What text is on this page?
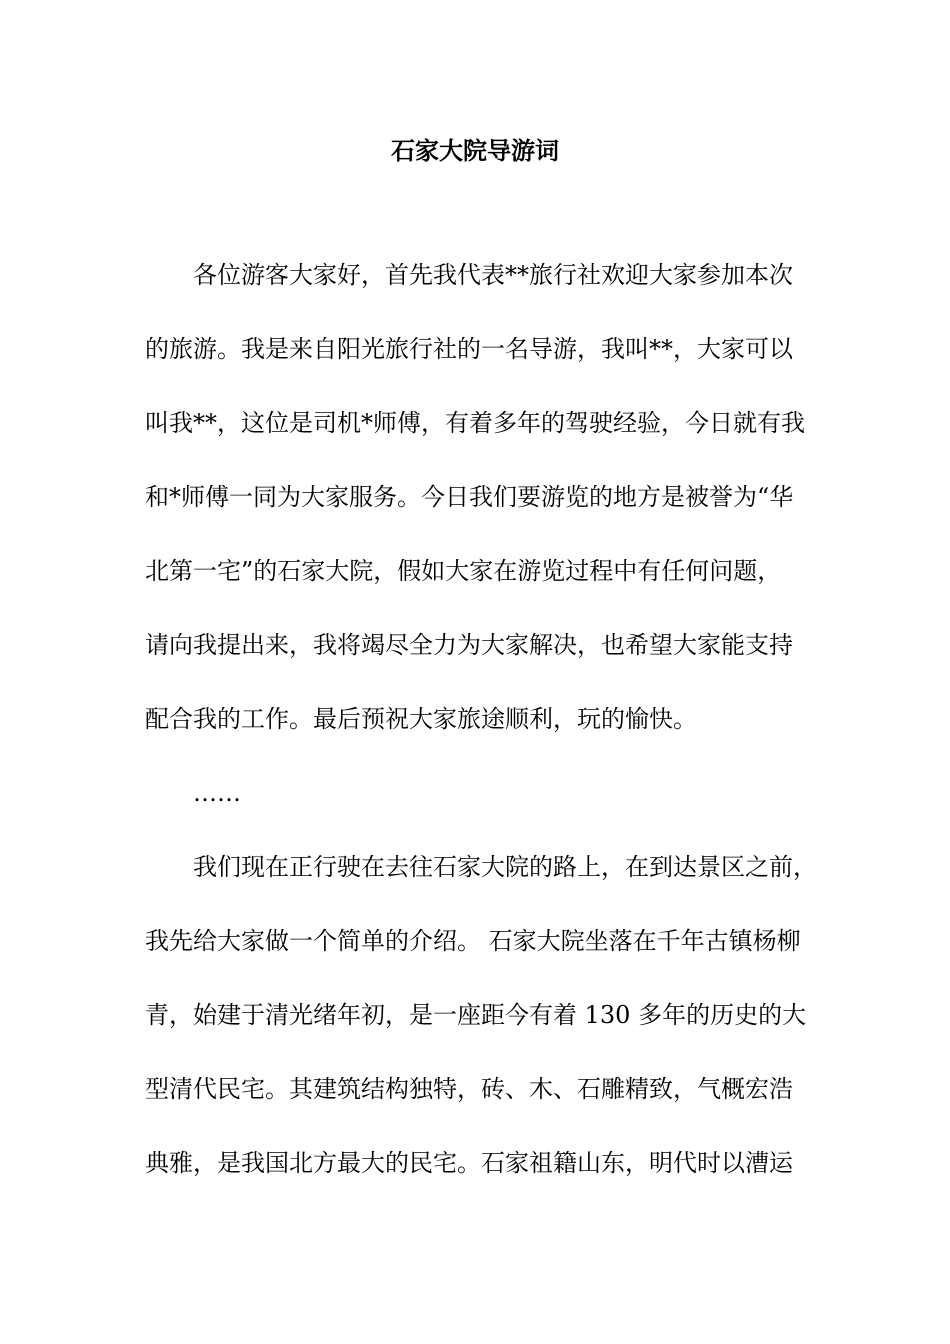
石家大院导游词
各位游客大家好，首先我代表**旅行社欢迎大家参加本次
的旅游。我是来自阳光旅行社的一名导游，我叫**，大家可以
叫我**，这位是司机*师傅，有着多年的驾驶经验，今日就有我
和*师傅一同为大家服务。今日我们要游览的地方是被誉为“华
北第一宅”的石家大院，假如大家在游览过程中有任何问题，
请向我提出来，我将竭尽全力为大家解决，也希望大家能支持
配合我的工作。最后预祝大家旅途顺利，玩的愉快。
……
我们现在正行驶在去往石家大院的路上，在到达景区之前，
我先给大家做一个简单的介绍。 石家大院坐落在千年古镇杨柳
青，始建于清光绪年初，是一座距今有着 130 多年的历史的大
型清代民宅。其建筑结构独特，砖、木、石雕精致，气概宏浩
典雅，是我国北方最大的民宅。石家祖籍山东，明代时以漕运
